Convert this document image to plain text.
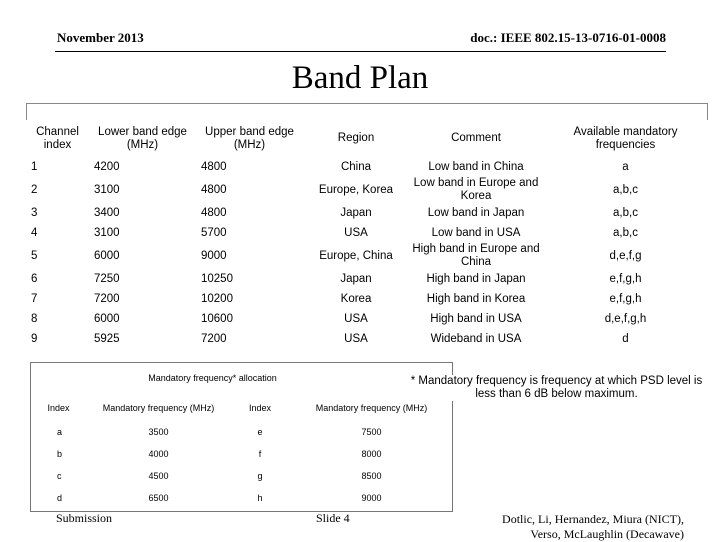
November 2013	doc.: IEEE 802.15-13-0716-01-0008
Band Plan
Channel index	Lower band edge (MHz)	Upper band edge (MHz)	Region	Comment	Available mandatory frequencies
1	4200	4800	China	Low band in China	a
2	3100	4800	Europe, Korea	Low band in Europe and Korea	a,b,c
3	3400	4800	Japan	Low band in Japan	a,b,c
4	3100	5700	USA	Low band in USA	a,b,c
5	6000	9000	Europe, China	High band in Europe and China	d,e,f,g
6	7250	10250	Japan	High band in Japan	e,f,g,h
7	7200	10200	Korea	High band in Korea	e,f,g,h
8	6000	10600	USA	High band in USA	d,e,f,g,h
9	5925	7200	USA	Wideband in USA	d
Mandatory frequency* allocation			
Index	Mandatory frequency (MHz)	Index	Mandatory frequency (MHz)
a	3500	e	7500
b	4000	f	8000
c	4500	g	8500
d	6500	h	9000
* Mandatory frequency is frequency at which PSD level is less than 6 dB below maximum.
Submission	Slide 4	Dotlic, Li, Hernandez, Miura (NICT),
Verso, McLaughlin (Decawave)
